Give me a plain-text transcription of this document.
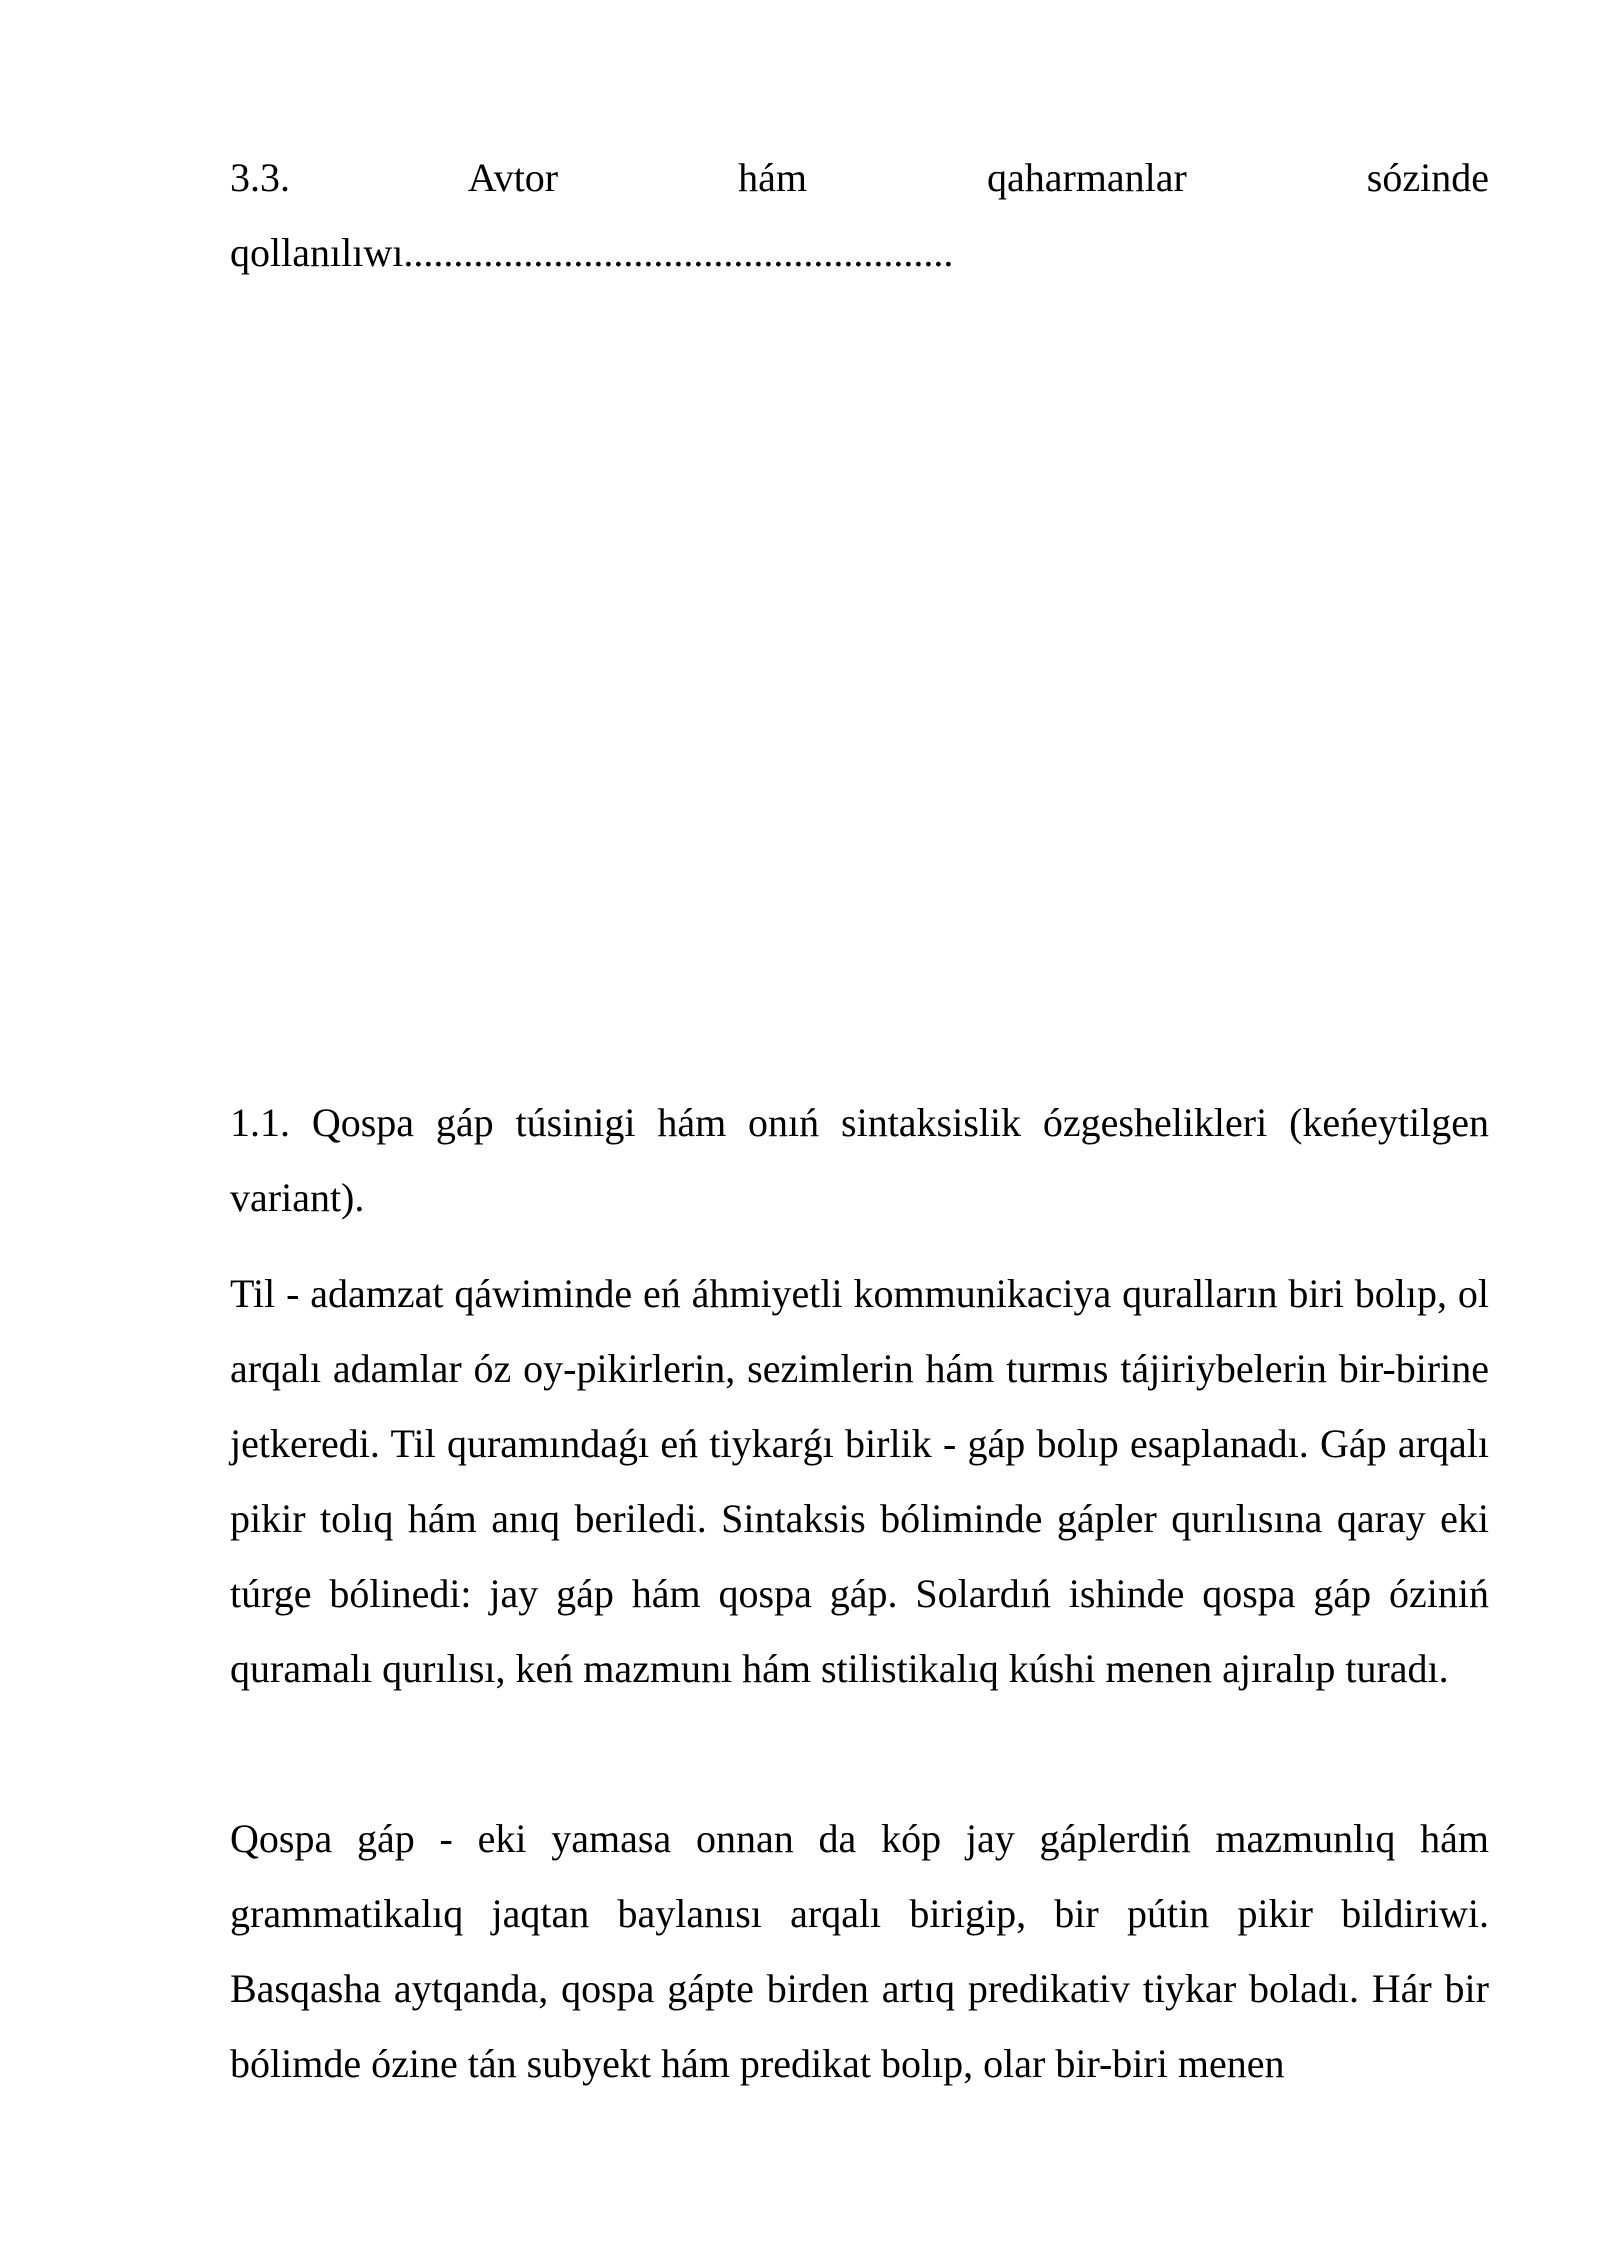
3.3. Avtor hám qaharmanlar sózinde qollanılıwı.......................................................

1.1. Qospa gáp túsinigi hám onıń sintaksislik ózgeshelikleri (keńeytilgen variant).

Til - adamzat qáwiminde eń áhmiyetli kommunikaciya quralların biri bolıp, ol arqalı adamlar óz oy-pikirlerin, sezimlerin hám turmıs tájiriybelerin bir-birine jetkeredi. Til quramındaǵı eń tiykarǵı birlik - gáp bolıp esaplanadı. Gáp arqalı pikir tolıq hám anıq beriledi. Sintaksis bóliminde gápler qurılısına qaray eki túrge bólinedi: jay gáp hám qospa gáp. Solardıń ishinde qospa gáp óziniń quramalı qurılısı, keń mazmunı hám stilistikalıq kúshi menen ajıralıp turadı.

Qospa gáp - eki yamasa onnan da kóp jay gáplerdiń mazmunlıq hám grammatikalıq jaqtan baylanısı arqalı birigip, bir pútin pikir bildiriwi. Basqasha aytqanda, qospa gápte birden artıq predikativ tiykar boladı. Hár bir bólimde ózine tán subyekt hám predikat bolıp, olar bir-biri menen
